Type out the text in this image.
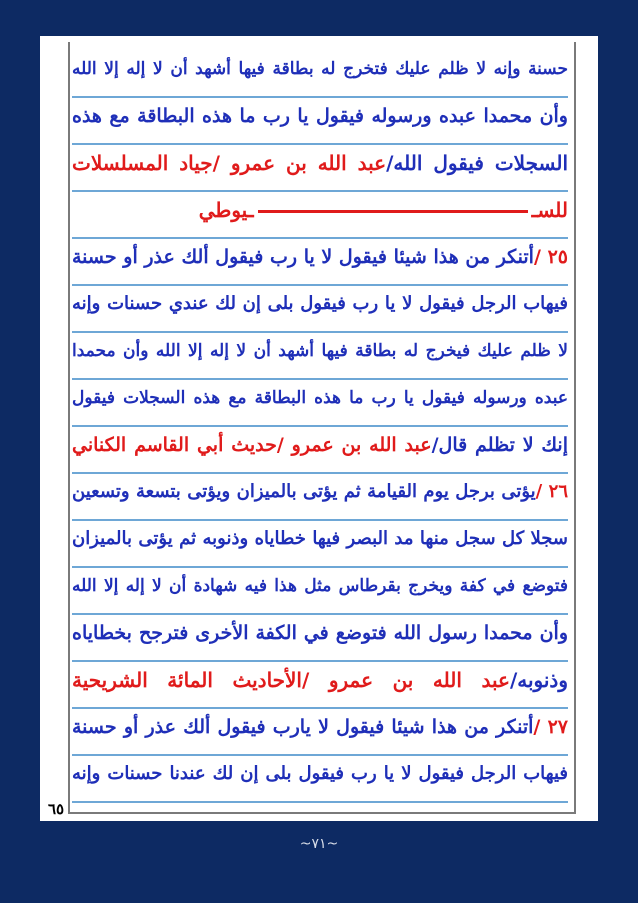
حسنة وإنه لا ظلم عليك فتخرج له بطاقة فيها أشهد أن لا إله إلا الله
وأن محمدا عبده ورسوله فيقول يا رب ما هذه البطاقة مع هذه
السجلات فيقول الله/عبد الله بن عمرو /جياد المسلسلات
للســيوطي
٢٥ /أتنكر من هذا شيئا فيقول لا يا رب فيقول ألك عذر أو حسنة
فيهاب الرجل فيقول لا يا رب فيقول بلى إن لك عندي حسنات وإنه
لا ظلم عليك فيخرج له بطاقة فيها أشهد أن لا إله إلا الله وأن محمدا
عبده ورسوله فيقول يا رب ما هذه البطاقة مع هذه السجلات فيقول
إنك لا تظلم قال/عبد الله بن عمرو /حديث أبي القاسم الكناني
٢٦ /يؤتى برجل يوم القيامة ثم يؤتى بالميزان ويؤتى بتسعة وتسعين
سجلا كل سجل منها مد البصر فيها خطاياه وذنوبه ثم يؤتى بالميزان
فتوضع في كفة ويخرج بقرطاس مثل هذا فيه شهادة أن لا إله إلا الله
وأن محمدا رسول الله فتوضع في الكفة الأخرى فترجح بخطاياه
وذنوبه/عبد الله بن عمرو /الأحاديث المائة الشريحية
٢٧ /أتنكر من هذا شيئا فيقول لا يارب فيقول ألك عذر أو حسنة
فيهاب الرجل فيقول لا يا رب فيقول بلى إن لك عندنا حسنات وإنه
٦٥
~٧١~
